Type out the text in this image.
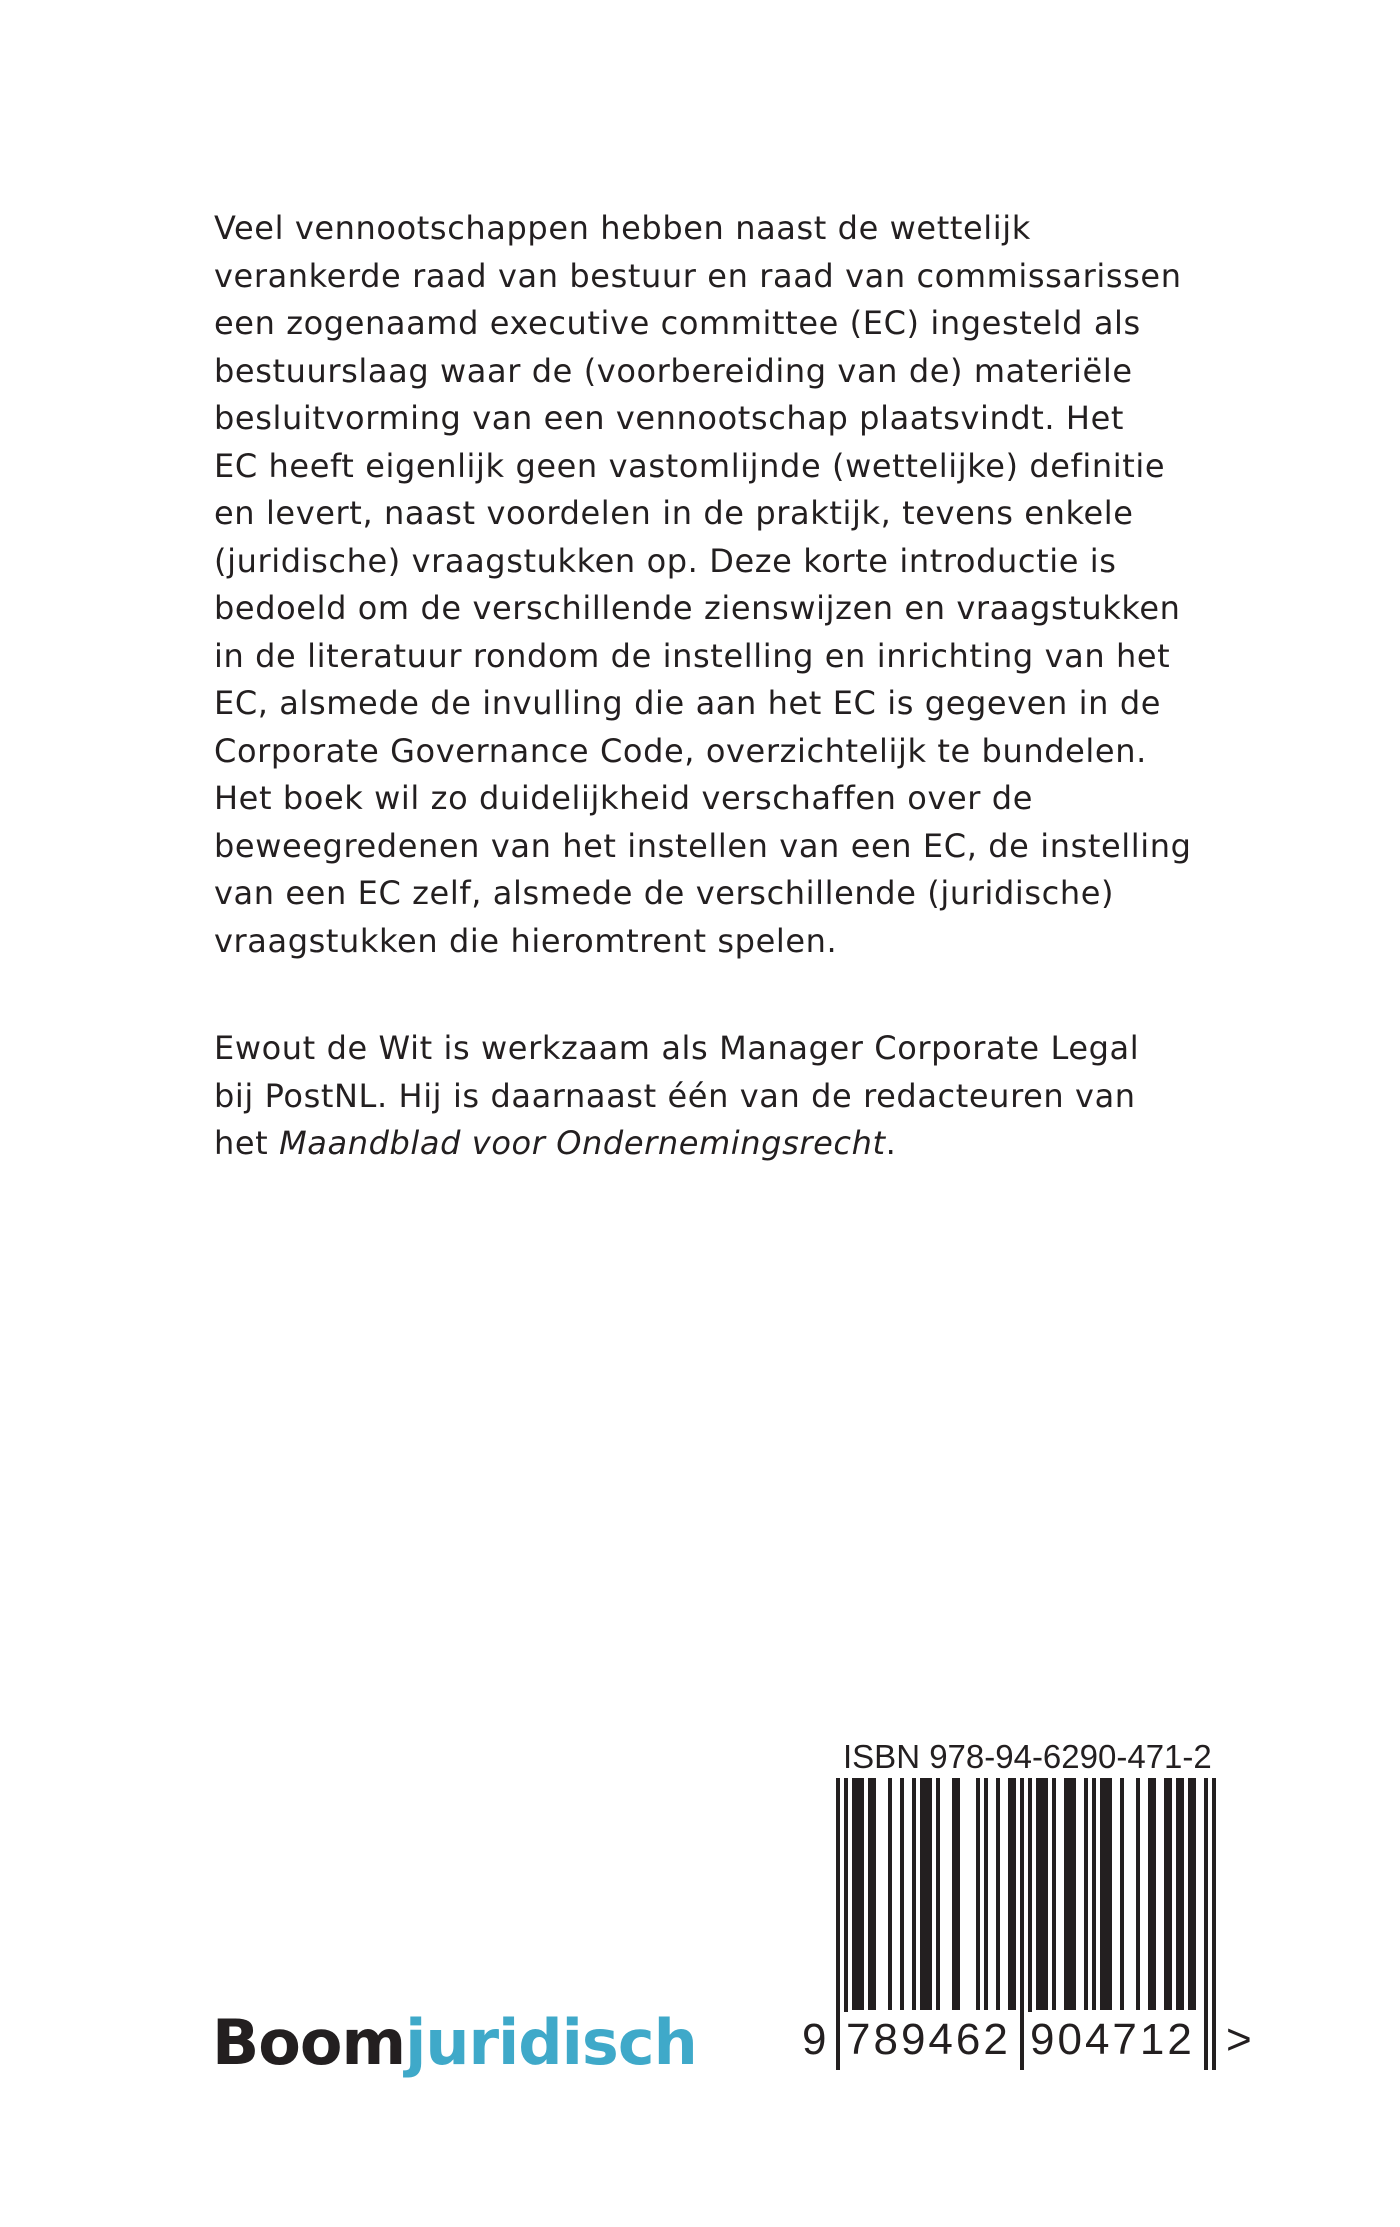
Veel vennootschappen hebben naast de wettelijk
verankerde raad van bestuur en raad van commissarissen
een zogenaamd executive committee (EC) ingesteld als
bestuurslaag waar de (voorbereiding van de) materiële
besluitvorming van een vennootschap plaatsvindt. Het
EC heeft eigenlijk geen vastomlijnde (wettelijke) definitie
en levert, naast voordelen in de praktijk, tevens enkele
(juridische) vraagstukken op. Deze korte introductie is
bedoeld om de verschillende zienswijzen en vraagstukken
in de literatuur rondom de instelling en inrichting van het
EC, alsmede de invulling die aan het EC is gegeven in de
Corporate Governance Code, overzichtelijk te bundelen.
Het boek wil zo duidelijkheid verschaffen over de
beweegredenen van het instellen van een EC, de instelling
van een EC zelf, alsmede de verschillende (juridische)
vraagstukken die hieromtrent spelen.
Ewout de Wit is werkzaam als Manager Corporate Legal
bij PostNL. Hij is daarnaast één van de redacteuren van
het Maandblad voor Ondernemingsrecht.
Boomjuridisch
ISBN 978-94-6290-471-2
9 789462 904712 >
